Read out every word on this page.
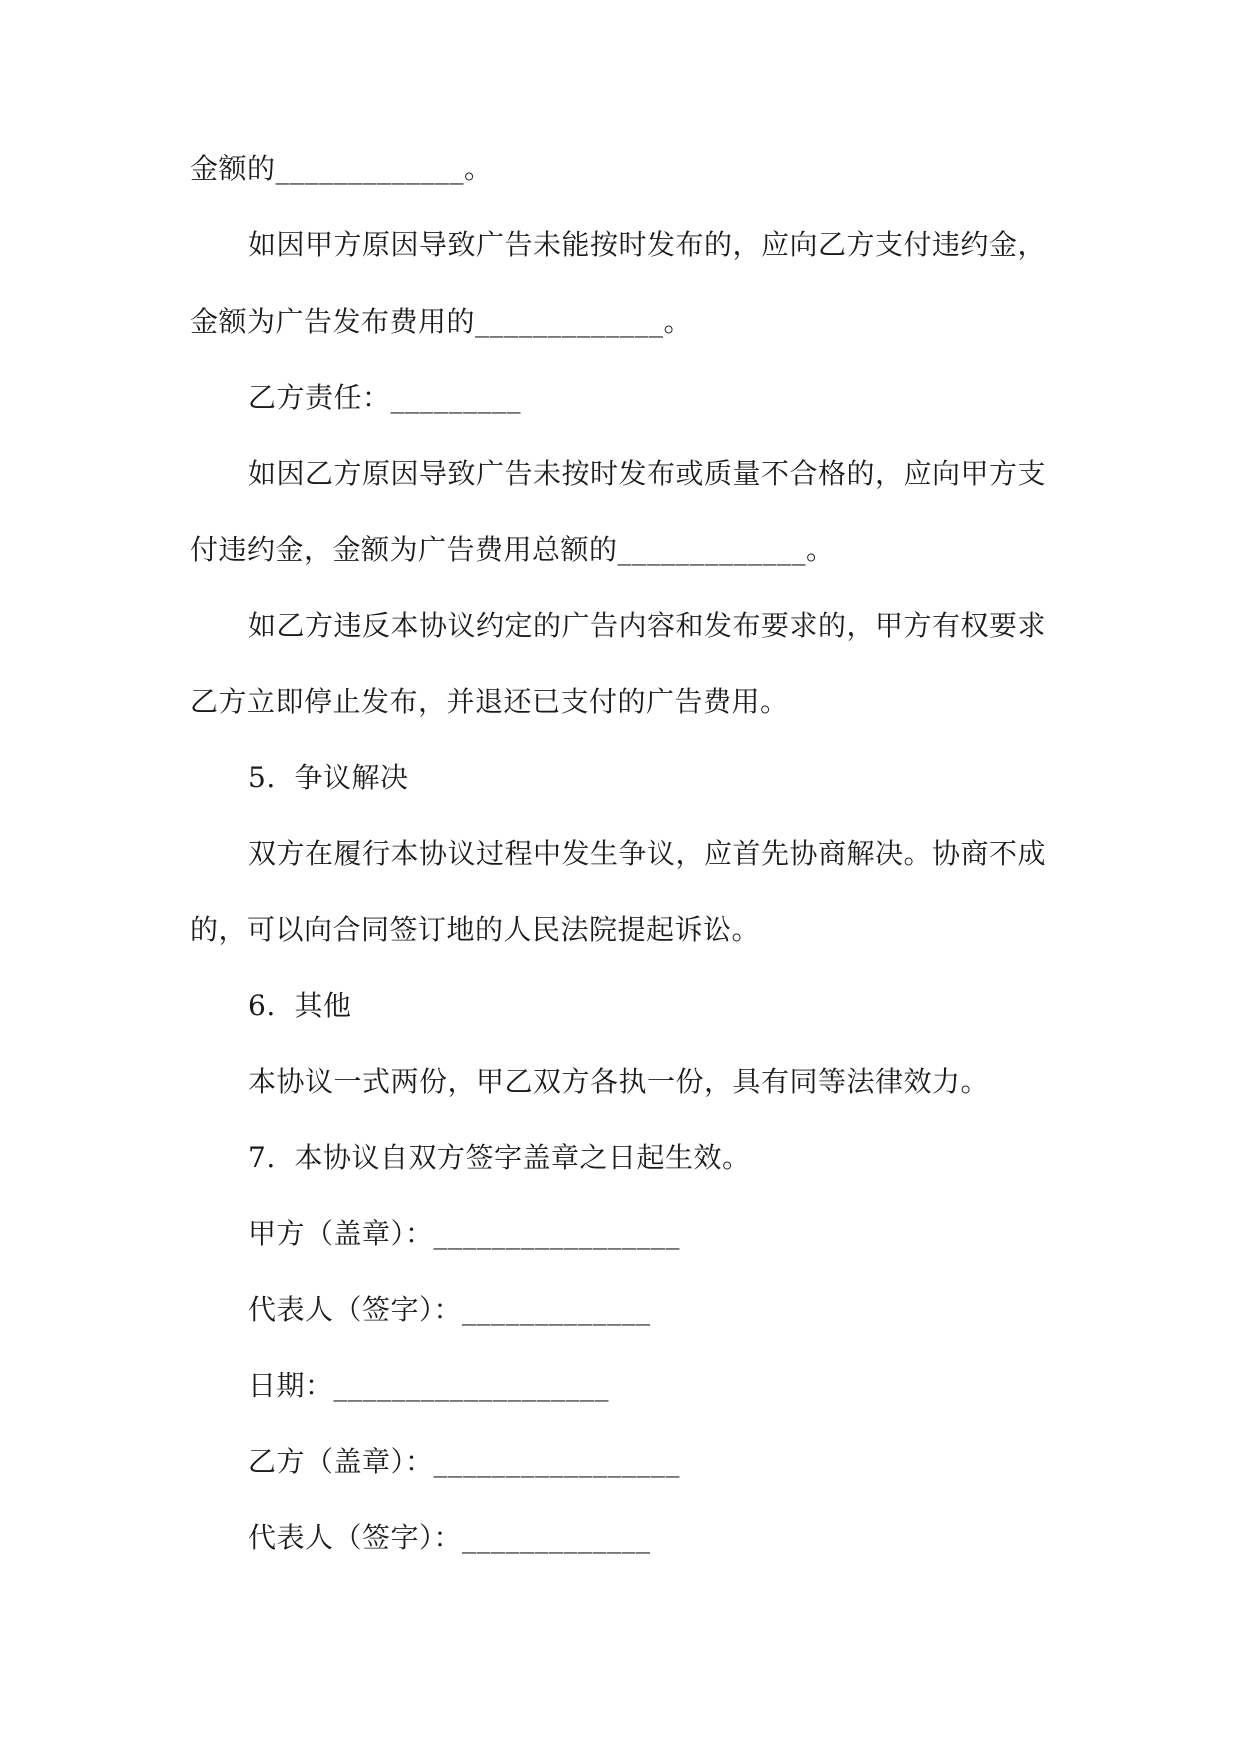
金额的_____________。
如因甲方原因导致广告未能按时发布的，应向乙方支付违约金，
金额为广告发布费用的_____________。
乙方责任：_________
如因乙方原因导致广告未按时发布或质量不合格的，应向甲方支
付违约金，金额为广告费用总额的_____________。
如乙方违反本协议约定的广告内容和发布要求的，甲方有权要求
乙方立即停止发布，并退还已支付的广告费用。
5.  争议解决
双方在履行本协议过程中发生争议，应首先协商解决。协商不成
的，可以向合同签订地的人民法院提起诉讼。
6.  其他
本协议一式两份，甲乙双方各执一份，具有同等法律效力。
7.  本协议自双方签字盖章之日起生效。
甲方（盖章）：_________________
代表人（签字）：_____________
日期：___________________
乙方（盖章）：_________________
代表人（签字）：_____________
